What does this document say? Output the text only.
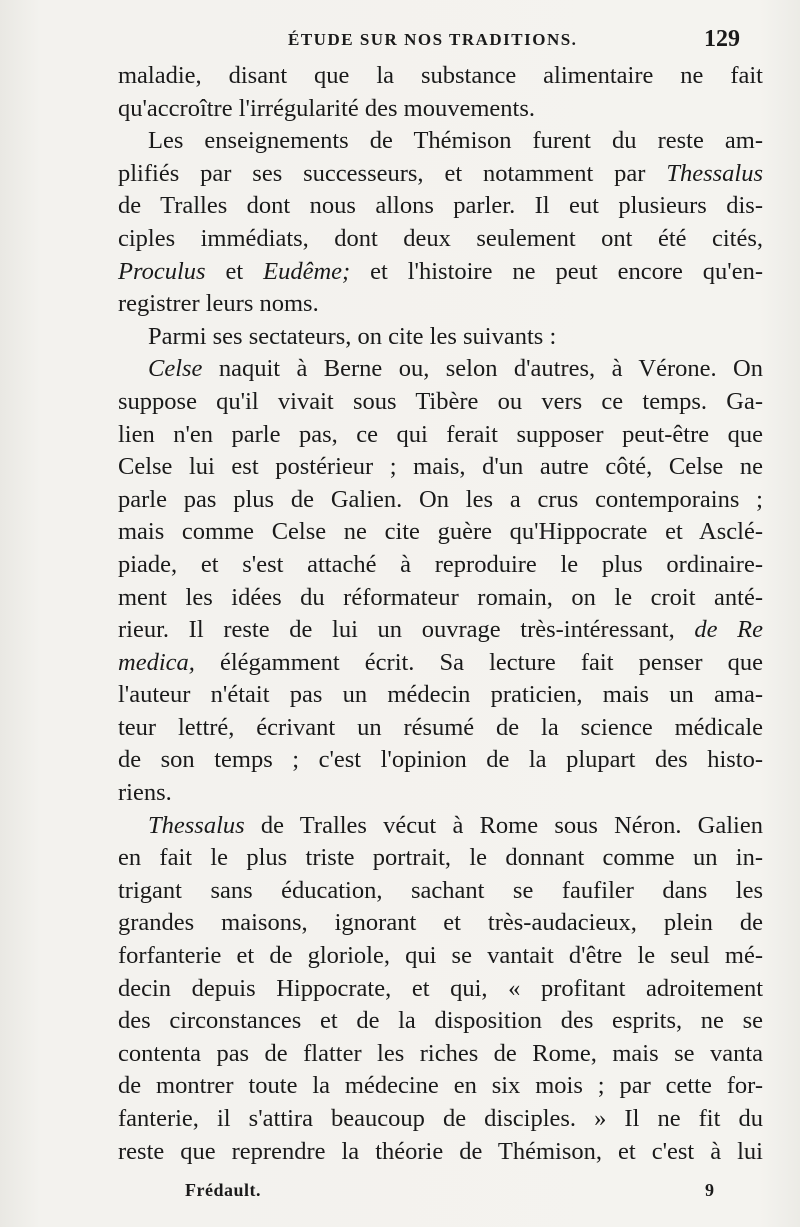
ÉTUDE SUR NOS TRADITIONS.	129
maladie, disant que la substance alimentaire ne fait
qu'accroître l'irrégularité des mouvements.
Les enseignements de Thémison furent du reste am-
plifiés par ses successeurs, et notamment par Thessalus
de Tralles dont nous allons parler. Il eut plusieurs dis-
ciples immédiats, dont deux seulement ont été cités,
Proculus et Eudême; et l'histoire ne peut encore qu'en-
registrer leurs noms.
Parmi ses sectateurs, on cite les suivants :
Celse naquit à Berne ou, selon d'autres, à Vérone. On
suppose qu'il vivait sous Tibère ou vers ce temps. Ga-
lien n'en parle pas, ce qui ferait supposer peut-être que
Celse lui est postérieur ; mais, d'un autre côté, Celse ne
parle pas plus de Galien. On les a crus contemporains ;
mais comme Celse ne cite guère qu'Hippocrate et Asclé-
piade, et s'est attaché à reproduire le plus ordinaire-
ment les idées du réformateur romain, on le croit anté-
rieur. Il reste de lui un ouvrage très-intéressant, de Re
medica, élégamment écrit. Sa lecture fait penser que
l'auteur n'était pas un médecin praticien, mais un ama-
teur lettré, écrivant un résumé de la science médicale
de son temps ; c'est l'opinion de la plupart des histo-
riens.
Thessalus de Tralles vécut à Rome sous Néron. Galien
en fait le plus triste portrait, le donnant comme un in-
trigant sans éducation, sachant se faufiler dans les
grandes maisons, ignorant et très-audacieux, plein de
forfanterie et de gloriole, qui se vantait d'être le seul mé-
decin depuis Hippocrate, et qui, « profitant adroitement
des circonstances et de la disposition des esprits, ne se
contenta pas de flatter les riches de Rome, mais se vanta
de montrer toute la médecine en six mois ; par cette for-
fanterie, il s'attira beaucoup de disciples. » Il ne fit du
reste que reprendre la théorie de Thémison, et c'est à lui
Frédault.	9
